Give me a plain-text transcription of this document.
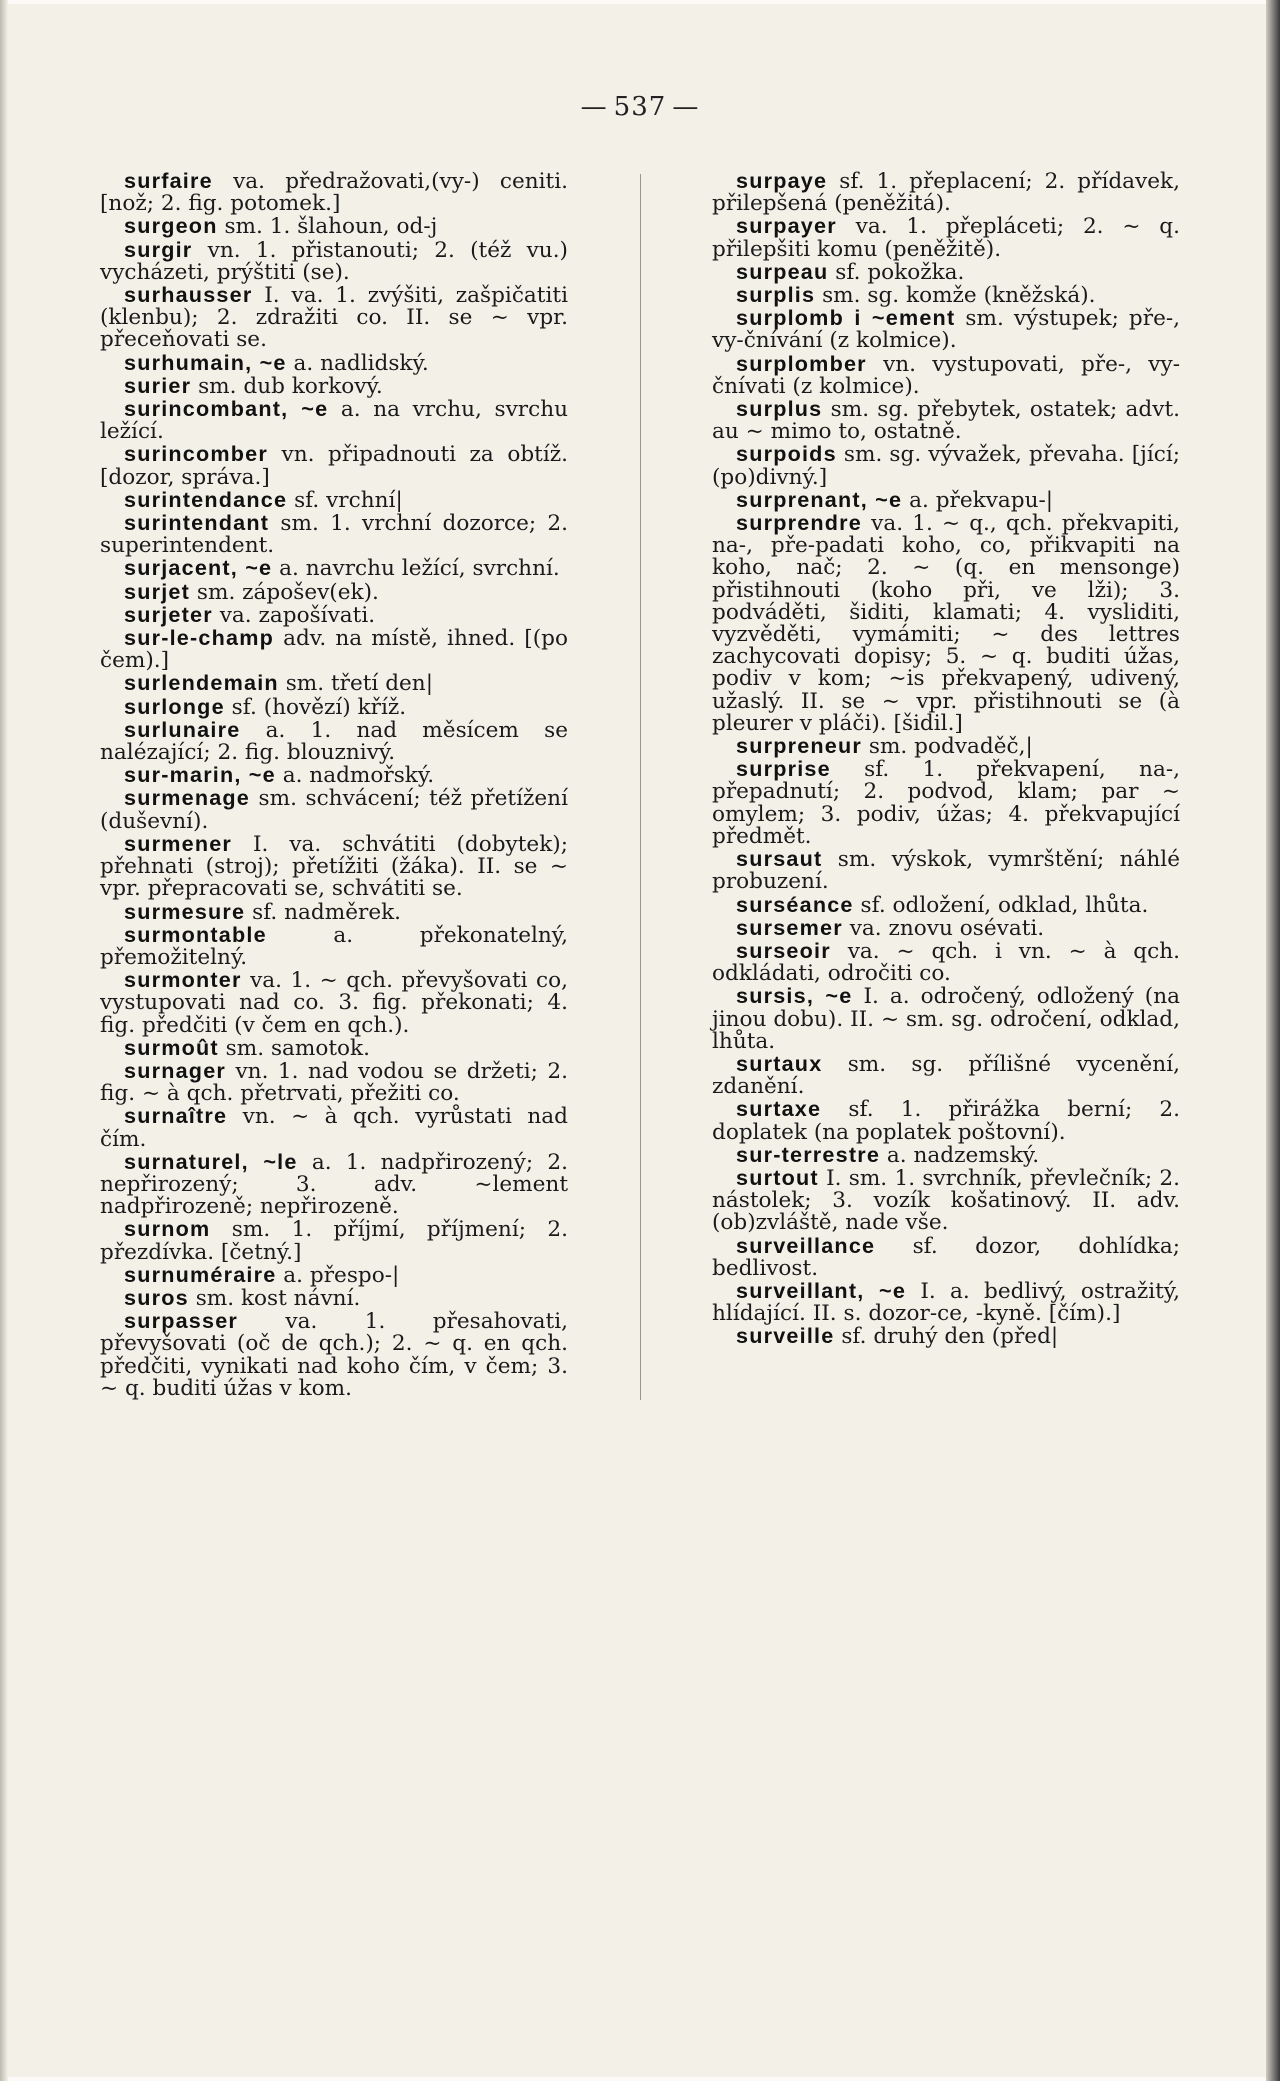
— 537 —

surfaire va. předražovati,(vy-) ceniti. [nož; 2. fig. potomek.]

surgeon sm. 1. šlahoun, od-j

surgir vn. 1. přistanouti; 2. (též vu.) vycházeti, prýštiti (se).

surhausser I. va. 1. zvýšiti, zašpičatiti (klenbu); 2. zdražiti co. II. se ~ vpr. přeceňovati se.

surhumain, ~e a. nadlidský.

surier sm. dub korkový.

surincombant, ~e a. na vrchu, svrchu ležící.

surincomber vn. připadnouti za obtíž. [dozor, správa.]

surintendance sf. vrchní|

surintendant sm. 1. vrchní dozorce; 2. superintendent.

surjacent, ~e a. navrchu ležící, svrchní.

surjet sm. zápošev(ek).

surjeter va. zapošívati.

sur-le-champ adv. na místě, ihned. [(po čem).]

surlendemain sm. třetí den|

surlonge sf. (hovězí) kříž.

surlunaire a. 1. nad měsícem se nalézající; 2. fig. blouznivý.

sur-marin, ~e a. nadmořský.

surmenage sm. schvácení; též přetížení (duševní).

surmener I. va. schvátiti (dobytek); přehnati (stroj); přetížiti (žáka). II. se ~ vpr. přepracovati se, schvátiti se.

surmesure sf. nadměrek.

surmontable	a. překonatelný, přemožitelný.

surmonter va. 1. ~ qch. převyšovati co, vystupovati nad co. 3. fig. překonati; 4. fig. předčiti (v čem en qch.).

surmoût sm. samotok.

surnager vn. 1. nad vodou se držeti; 2. fig. ~ à qch. přetrvati, přežiti co.

surnaître vn. ~ à qch. vyrůstati nad čím.

surnaturel, ~le a. 1. nadpřirozený; 2. nepřirozený; 3. adv. ~lement nadpřirozeně; nepřirozeně.

surnom sm. 1. příjmí, příjmení; 2. přezdívka. [četný.]

surnuméraire a. přespo-|

suros sm. kost návní.

surpasser va. 1. přesahovati, převyšovati (oč de qch.); 2. ~ q. en qch. předčiti, vynikati nad koho čím, v čem; 3. ~ q. buditi úžas v kom.

surpaye sf. 1. přeplacení; 2. přídavek, přilepšená (peněžitá).

surpayer va. 1. přepláceti; 2. ~ q. přilepšiti komu (peněžitě).

surpeau sf. pokožka.

surplis sm. sg. komže (kněžská).

surplomb i ~ement sm. výstupek; pře-, vy-čnívání (z kolmice).

surplomber vn. vystupovati, pře-, vy-čnívati (z kolmice).

surplus sm. sg. přebytek, ostatek; advt. au ~ mimo to, ostatně.

surpoids sm. sg. vývažek, převaha. [jící; (po)divný.]

surprenant, ~e a. překvapu-|

surprendre va. 1. ~ q., qch. překvapiti, na-, pře-padati koho, co, přikvapiti na koho, nač; 2. ~ (q. en mensonge) přistihnouti (koho při, ve lži); 3. podváděti, šiditi, klamati; 4. vysliditi, vyzvěděti, vymámiti; ~ des lettres zachycovati dopisy; 5. ~ q. buditi úžas, podiv v kom; ~is překvapený, udivený, užaslý. II. se ~ vpr. přistihnouti se (à pleurer v pláči). [šidil.]

surpreneur sm. podvaděč,|

surprise sf. 1. překvapení, na-, přepadnutí; 2. podvod, klam; par ~ omylem; 3. podiv, úžas; 4. překvapující předmět.

sursaut sm. výskok, vymrštění; náhlé probuzení.

surséance sf. odložení, odklad, lhůta.

sursemer va. znovu osévati.

surseoir va. ~ qch. i vn. ~ à qch. odkládati, odročiti co.

sursis, ~e I. a. odročený, odložený (na jinou dobu). II. ~ sm. sg. odročení, odklad, lhůta.

surtaux sm. sg. přílišné vycenění, zdanění.

surtaxe sf. 1. přirážka berní; 2. doplatek (na poplatek poštovní).

sur-terrestre a. nadzemský.

surtout I. sm. 1. svrchník, převlečník; 2. nástolek; 3. vozík košatinový. II. adv. (ob)zvláště, nade vše.

surveillance sf. dozor, dohlídka; bedlivost.

surveillant, ~e I. a. bedlivý, ostražitý, hlídající. II. s. dozor-ce, -kyně. [čím).]

surveille sf. druhý den (před|
